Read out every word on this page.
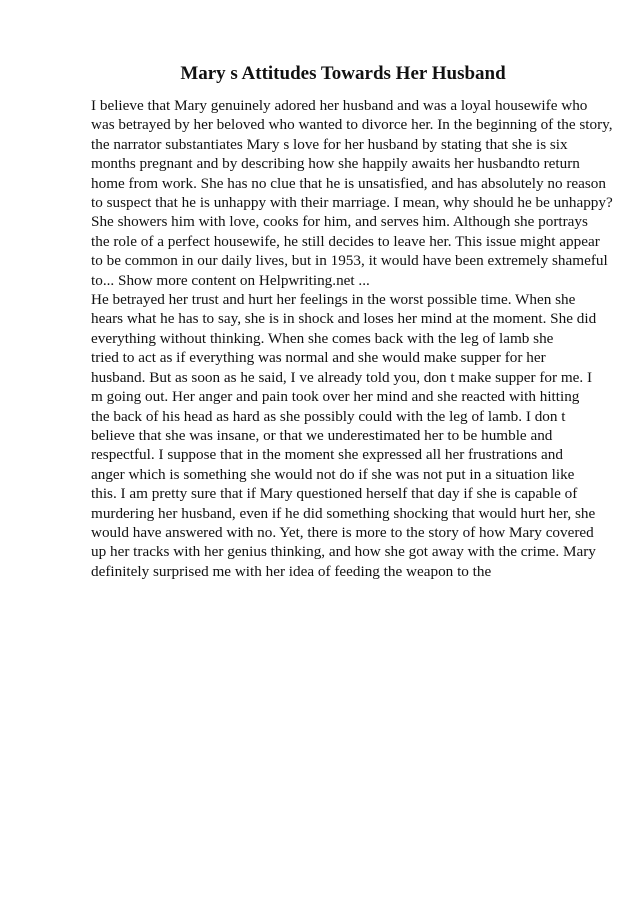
Mary s Attitudes Towards Her Husband
I believe that Mary genuinely adored her husband and was a loyal housewife who
was betrayed by her beloved who wanted to divorce her. In the beginning of the story,
the narrator substantiates Mary s love for her husband by stating that she is six
months pregnant and by describing how she happily awaits her husbandto return
home from work. She has no clue that he is unsatisfied, and has absolutely no reason
to suspect that he is unhappy with their marriage. I mean, why should he be unhappy?
She showers him with love, cooks for him, and serves him. Although she portrays
the role of a perfect housewife, he still decides to leave her. This issue might appear
to be common in our daily lives, but in 1953, it would have been extremely shameful
to... Show more content on Helpwriting.net ...
He betrayed her trust and hurt her feelings in the worst possible time. When she
hears what he has to say, she is in shock and loses her mind at the moment. She did
everything without thinking. When she comes back with the leg of lamb she
tried to act as if everything was normal and she would make supper for her
husband. But as soon as he said, I ve already told you, don t make supper for me. I
m going out. Her anger and pain took over her mind and she reacted with hitting
the back of his head as hard as she possibly could with the leg of lamb. I don t
believe that she was insane, or that we underestimated her to be humble and
respectful. I suppose that in the moment she expressed all her frustrations and
anger which is something she would not do if she was not put in a situation like
this. I am pretty sure that if Mary questioned herself that day if she is capable of
murdering her husband, even if he did something shocking that would hurt her, she
would have answered with no. Yet, there is more to the story of how Mary covered
up her tracks with her genius thinking, and how she got away with the crime. Mary
definitely surprised me with her idea of feeding the weapon to the
